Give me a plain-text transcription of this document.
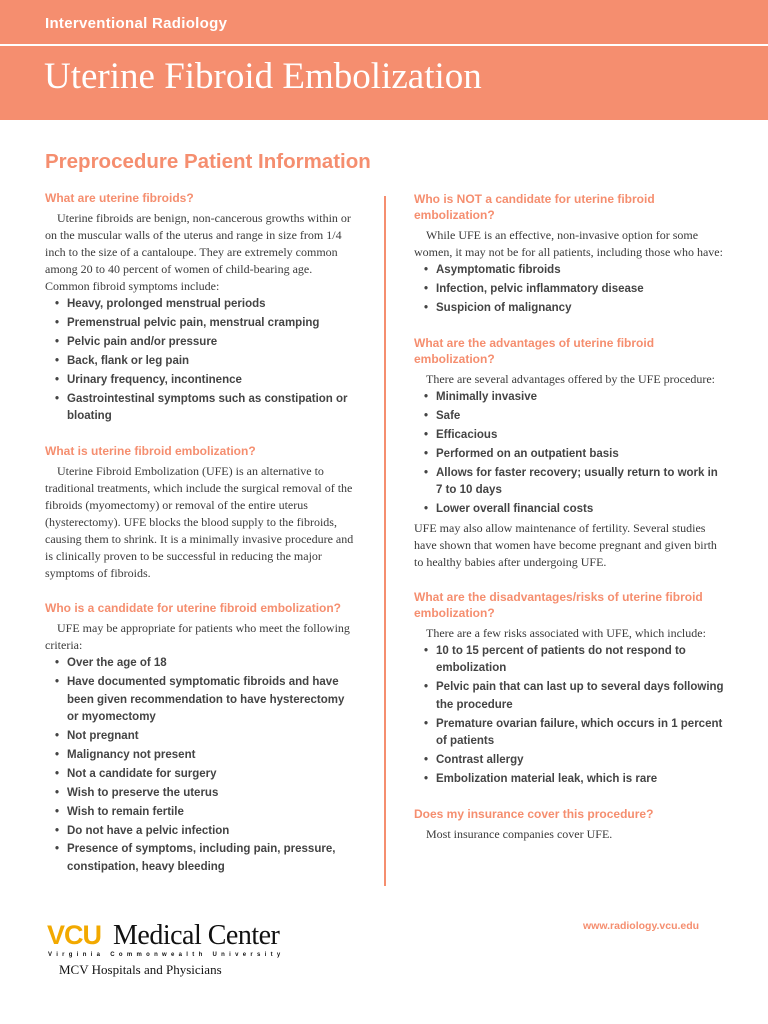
Interventional Radiology
Uterine Fibroid Embolization
Preprocedure Patient Information
What are uterine fibroids?

Uterine fibroids are benign, non-cancerous growths within or on the muscular walls of the uterus and range in size from 1/4 inch to the size of a cantaloupe. They are extremely common among 20 to 40 percent of women of child-bearing age. Common fibroid symptoms include:

• Heavy, prolonged menstrual periods
• Premenstrual pelvic pain, menstrual cramping
• Pelvic pain and/or pressure
• Back, flank or leg pain
• Urinary frequency, incontinence
• Gastrointestinal symptoms such as constipation or bloating
What is uterine fibroid embolization?

Uterine Fibroid Embolization (UFE) is an alternative to traditional treatments, which include the surgical removal of the fibroids (myomectomy) or removal of the entire uterus (hysterectomy). UFE blocks the blood supply to the fibroids, causing them to shrink. It is a minimally invasive procedure and is clinically proven to be successful in reducing the major symptoms of fibroids.

Who is a candidate for uterine fibroid embolization?

UFE may be appropriate for patients who meet the following criteria:

• Over the age of 18
• Have documented symptomatic fibroids and have been given recommendation to have hysterectomy or myomectomy
• Not pregnant
• Malignancy not present
• Not a candidate for surgery
• Wish to preserve the uterus
• Wish to remain fertile
• Do not have a pelvic infection
• Presence of symptoms, including pain, pressure, constipation, heavy bleeding
Who is NOT a candidate for uterine fibroid embolization?

While UFE is an effective, non-invasive option for some women, it may not be for all patients, including those who have:

• Asymptomatic fibroids
• Infection, pelvic inflammatory disease
• Suspicion of malignancy
What are the advantages of uterine fibroid embolization?

There are several advantages offered by the UFE procedure:

• Minimally invasive
• Safe
• Efficacious
• Performed on an outpatient basis
• Allows for faster recovery; usually return to work in 7 to 10 days
• Lower overall financial costs

UFE may also allow maintenance of fertility. Several studies have shown that women have become pregnant and given birth to healthy babies after undergoing UFE.

What are the disadvantages/risks of uterine fibroid embolization?

There are a few risks associated with UFE, which include:

• 10 to 15 percent of patients do not respond to embolization
• Pelvic pain that can last up to several days following the procedure
• Premature ovarian failure, which occurs in 1 percent of patients
• Contrast allergy
• Embolization material leak, which is rare
Does my insurance cover this procedure?

Most insurance companies cover UFE.

VCU Medical Center
Virginia Commonwealth University
MCV Hospitals and Physicians
www.radiology.vcu.edu
